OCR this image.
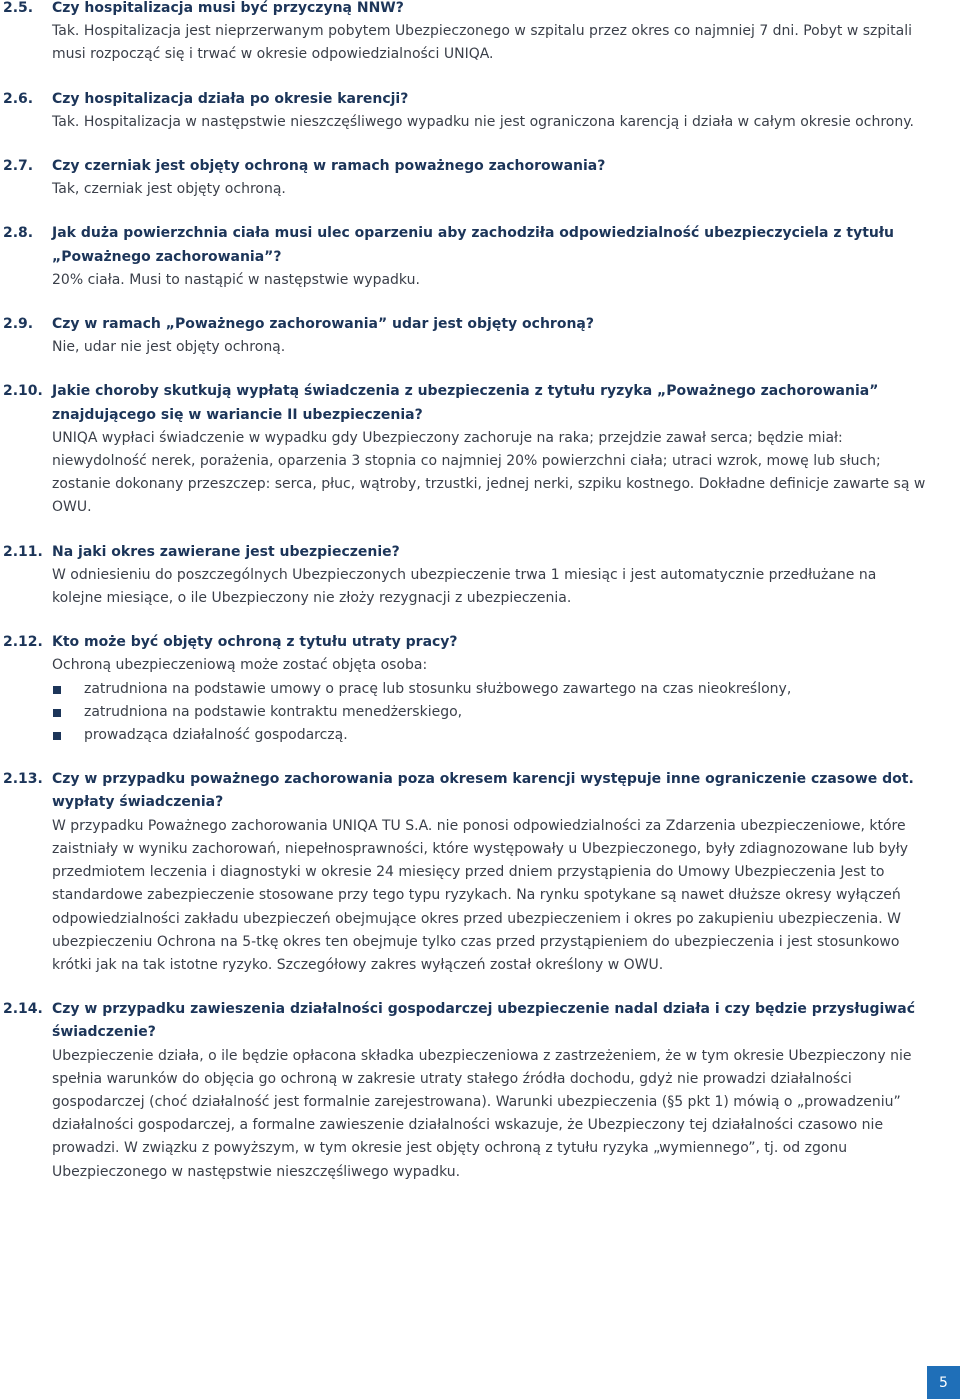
2.5.	Czy hospitalizacja musi być przyczyną NNW?
Tak. Hospitalizacja jest nieprzerwanym pobytem Ubezpieczonego w szpitalu przez okres co najmniej 7 dni. Pobyt w szpitali musi rozpocząć się i trwać w okresie odpowiedzialności UNIQA.
2.6.	Czy hospitalizacja działa po okresie karencji?
Tak. Hospitalizacja w następstwie nieszczęśliwego wypadku nie jest ograniczona karencją i działa w całym okresie ochrony.
2.7.	Czy czerniak jest objęty ochroną w ramach poważnego zachorowania?
Tak, czerniak jest objęty ochroną.
2.8.	Jak duża powierzchnia ciała musi ulec oparzeniu aby zachodziła odpowiedzialność ubezpieczyciela z tytułu „Poważnego zachorowania”?
20% ciała. Musi to nastąpić w następstwie wypadku.
2.9.	Czy w ramach „Poważnego zachorowania” udar jest objęty ochroną?
Nie, udar nie jest objęty ochroną.
2.10. Jakie choroby skutkują wypłatą świadczenia z ubezpieczenia z tytułu ryzyka „Poważnego zachorowania” znajdującego się w wariancie II ubezpieczenia?
UNIQA wypłaci świadczenie w wypadku gdy Ubezpieczony zachoruje na raka; przejdzie zawał serca; będzie miał: niewydolność nerek, porażenia, oparzenia 3 stopnia co najmniej 20% powierzchni ciała; utraci wzrok, mowę lub słuch; zostanie dokonany przeszczep: serca, płuc, wątroby, trzustki, jednej nerki, szpiku kostnego. Dokładne definicje zawarte są w OWU.
2.11. Na jaki okres zawierane jest ubezpieczenie?
W odniesieniu do poszczególnych Ubezpieczonych ubezpieczenie trwa 1 miesiąc i jest automatycznie przedłużane na kolejne miesiące, o ile Ubezpieczony nie złoży rezygnacji z ubezpieczenia.
2.12. Kto może być objęty ochroną z tytułu utraty pracy?
Ochroną ubezpieczeniową może zostać objęta osoba:
zatrudniona na podstawie umowy o pracę lub stosunku służbowego zawartego na czas nieokreślony,
zatrudniona na podstawie kontraktu menedżerskiego,
prowadząca działalność gospodarczą.
2.13. Czy w przypadku poważnego zachorowania poza okresem karencji występuje inne ograniczenie czasowe dot. wypłaty świadczenia?
W przypadku Poważnego zachorowania UNIQA TU S.A. nie ponosi odpowiedzialności za Zdarzenia ubezpieczeniowe, które zaistniały w wyniku zachorowań, niepełnosprawności, które występowały u Ubezpieczonego, były zdiagnozowane lub były przedmiotem leczenia i diagnostyki w okresie 24 miesięcy przed dniem przystąpienia do Umowy Ubezpieczenia Jest to standardowe zabezpieczenie stosowane przy tego typu ryzykach. Na rynku spotykane są nawet dłuższe okresy wyłączeń odpowiedzialności zakładu ubezpieczeń obejmujące okres przed ubezpieczeniem i okres po zakupieniu ubezpieczenia. W ubezpieczeniu Ochrona na 5-tkę okres ten obejmuje tylko czas przed przystąpieniem do ubezpieczenia i jest stosunkowo krótki jak na tak istotne ryzyko. Szczegółowy zakres wyłączeń został określony w OWU.
2.14. Czy w przypadku zawieszenia działalności gospodarczej ubezpieczenie nadal działa i czy będzie przysługiwać świadczenie?
Ubezpieczenie działa, o ile będzie opłacona składka ubezpieczeniowa z zastrzeżeniem, że w tym okresie Ubezpieczony nie spełnia warunków do objęcia go ochroną w zakresie utraty stałego źródła dochodu, gdyż nie prowadzi działalności gospodarczej (choć działalność jest formalnie zarejestrowana). Warunki ubezpieczenia (§5 pkt 1) mówią o „prowadzeniu” działalności gospodarczej, a formalne zawieszenie działalności wskazuje, że Ubezpieczony tej działalności czasowo nie prowadzi. W związku z powyższym, w tym okresie jest objęty ochroną z tytułu ryzyka „wymiennego”, tj. od zgonu Ubezpieczonego w następstwie nieszczęśliwego wypadku.
5
